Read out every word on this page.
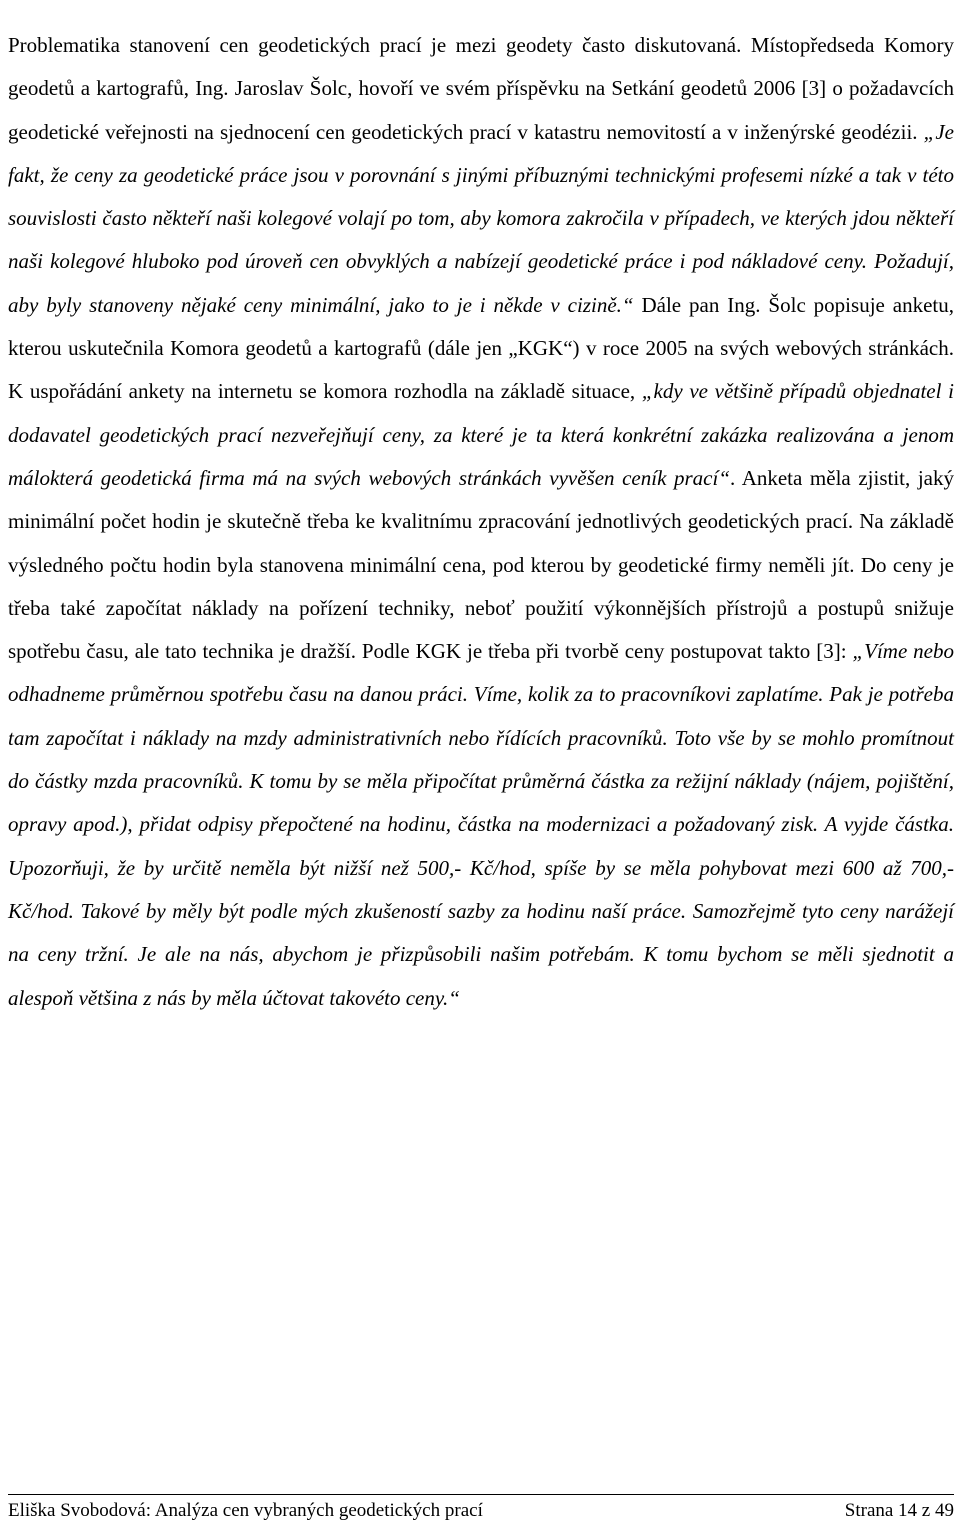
Problematika stanovení cen geodetických prací je mezi geodety často diskutovaná. Místopředseda Komory geodetů a kartografů, Ing. Jaroslav Šolc, hovoří ve svém příspěvku na Setkání geodetů 2006 [3] o požadavcích geodetické veřejnosti na sjednocení cen geodetických prací v katastru nemovitostí a v inženýrské geodézii. „Je fakt, že ceny za geodetické práce jsou v porovnání s jinými příbuznými technickými profesemi nízké a tak v této souvislosti často někteří naši kolegové volají po tom, aby komora zakročila v případech, ve kterých jdou někteří naši kolegové hluboko pod úroveň cen obvyklých a nabízejí geodetické práce i pod nákladové ceny. Požadují, aby byly stanoveny nějaké ceny minimální, jako to je i někde v cizině.“ Dále pan Ing. Šolc popisuje anketu, kterou uskutečnila Komora geodetů a kartografů (dále jen „KGK“) v roce 2005 na svých webových stránkách. K uspořádání ankety na internetu se komora rozhodla na základě situace, „kdy ve většině případů objednatel i dodavatel geodetických prací nezveřejňují ceny, za které je ta která konkrétní zakázka realizována a jenom málokterá geodetická firma má na svých webových stránkách vyvěšen ceník prací“. Anketa měla zjistit, jaký minimální počet hodin je skutečně třeba ke kvalitnímu zpracování jednotlivých geodetických prací. Na základě výsledného počtu hodin byla stanovena minimální cena, pod kterou by geodetické firmy neměli jít. Do ceny je třeba také započítat náklady na pořízení techniky, neboť použití výkonnějších přístrojů a postupů snižuje spotřebu času, ale tato technika je dražší. Podle KGK je třeba při tvorbě ceny postupovat takto [3]: „Víme nebo odhadneme průměrnou spotřebu času na danou práci. Víme, kolik za to pracovníkovi zaplatíme. Pak je potřeba tam započítat i náklady na mzdy administrativních nebo řídících pracovníků. Toto vše by se mohlo promítnout do částky mzda pracovníků. K tomu by se měla připočítat průměrná částka za režijní náklady (nájem, pojištění, opravy apod.), přidat odpisy přepočtené na hodinu, částka na modernizaci a požadovaný zisk. A vyjde částka. Upozorňuji, že by určitě neměla být nižší než 500,- Kč/hod, spíše by se měla pohybovat mezi 600 až 700,- Kč/hod. Takové by měly být podle mých zkušeností sazby za hodinu naší práce. Samozřejmě tyto ceny narážejí na ceny tržní. Je ale na nás, abychom je přizpůsobili našim potřebám. K tomu bychom se měli sjednotit a alespoň většina z nás by měla účtovat takovéto ceny.“

Eliška Svobodová: Analýza cen vybraných geodetických prací	Strana 14 z 49
